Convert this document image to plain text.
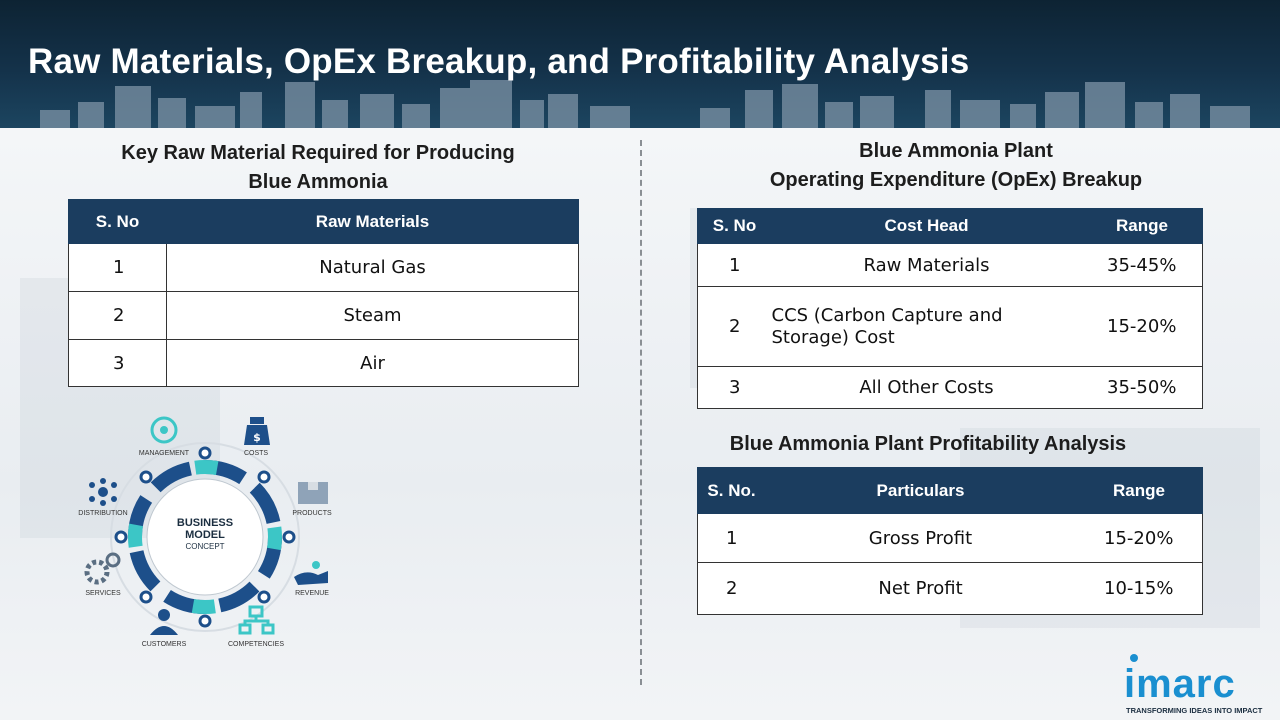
Raw Materials, OpEx Breakup, and Profitability Analysis
Key Raw Material Required for Producing
Blue Ammonia
S. No	Raw Materials
1	Natural Gas
2	Steam
3	Air
$
MANAGEMENT	COSTS
DISTRIBUTION	PRODUCTS
SERVICES	REVENUE
CUSTOMERS	COMPETENCIES
BUSINESS
MODEL
CONCEPT
Blue Ammonia Plant
Operating Expenditure (OpEx) Breakup
S. No	Cost Head	Range
1	Raw Materials	35-45%
2	CCS (Carbon Capture and Storage) Cost	15-20%
3	All Other Costs	35-50%
Blue Ammonia Plant Profitability Analysis
S. No.	Particulars	Range
1	Gross Profit	15-20%
2	Net Profit	10-15%
imarc
TRANSFORMING IDEAS INTO IMPACT
